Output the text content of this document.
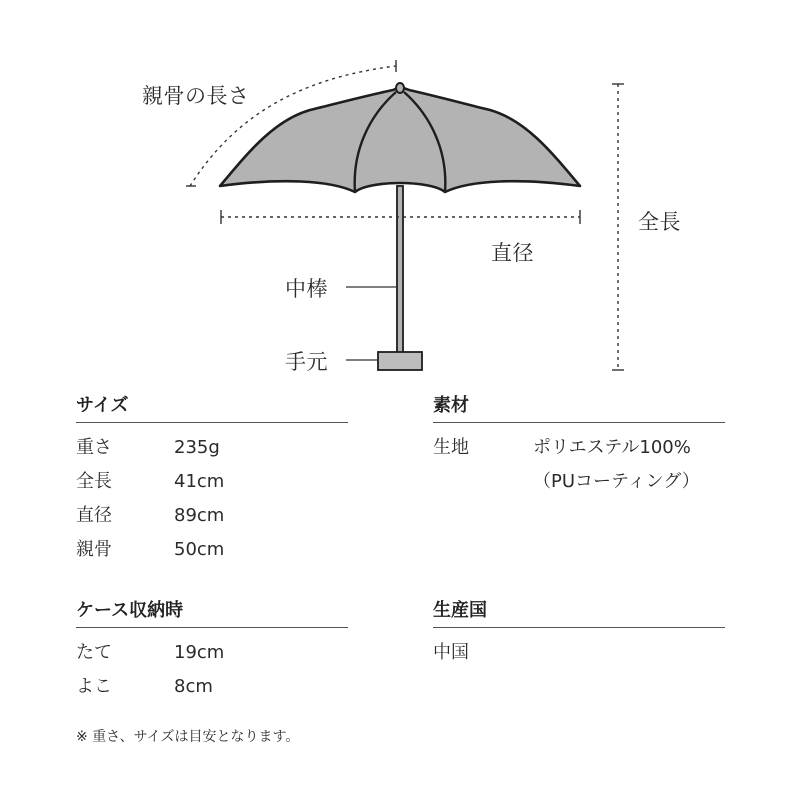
親骨の長さ
全長
直径
中棒
手元
サイズ
重さ	235g
全長	41cm
直径	89cm
親骨	50cm
ケース収納時
たて	19cm
よこ	8cm
素材
生地	ポリエステル100%
（PUコーティング）
生産国
中国
※ 重さ、サイズは目安となります。
